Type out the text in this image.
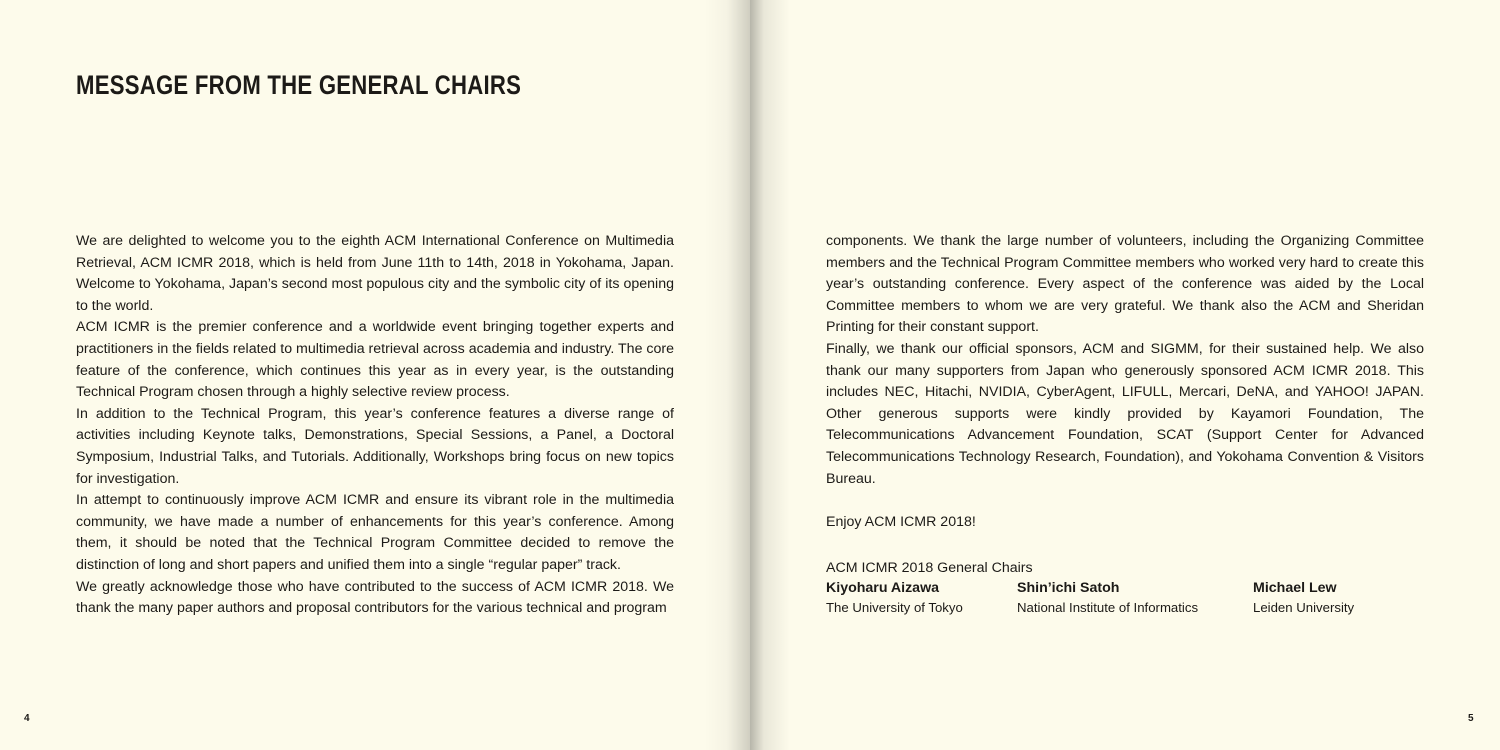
MESSAGE FROM THE GENERAL CHAIRS

We are delighted to welcome you to the eighth ACM International Conference on Multimedia Retrieval, ACM ICMR 2018, which is held from June 11th to 14th, 2018 in Yokohama, Japan. Welcome to Yokohama, Japan’s second most populous city and the symbolic city of its opening to the world.

ACM ICMR is the premier conference and a worldwide event bringing together experts and practitioners in the fields related to multimedia retrieval across academia and industry. The core feature of the conference, which continues this year as in every year, is the outstanding Technical Program chosen through a highly selective review process.

In addition to the Technical Program, this year’s conference features a diverse range of activities including Keynote talks, Demonstrations, Special Sessions, a Panel, a Doctoral Symposium, Industrial Talks, and Tutorials. Additionally, Workshops bring focus on new topics for investigation.

In attempt to continuously improve ACM ICMR and ensure its vibrant role in the multimedia community, we have made a number of enhancements for this year’s conference. Among them, it should be noted that the Technical Program Committee decided to remove the distinction of long and short papers and unified them into a single “regular paper” track.

We greatly acknowledge those who have contributed to the success of ACM ICMR 2018. We thank the many paper authors and proposal contributors for the various technical and program

4

components. We thank the large number of volunteers, including the Organizing Committee members and the Technical Program Committee members who worked very hard to create this year’s outstanding conference. Every aspect of the conference was aided by the Local Committee members to whom we are very grateful. We thank also the ACM and Sheridan Printing for their constant support.

Finally, we thank our official sponsors, ACM and SIGMM, for their sustained help. We also thank our many supporters from Japan who generously sponsored ACM ICMR 2018. This includes NEC, Hitachi, NVIDIA, CyberAgent, LIFULL, Mercari, DeNA, and YAHOO! JAPAN. Other generous supports were kindly provided by Kayamori Foundation, The Telecommunications Advancement Foundation, SCAT (Support Center for Advanced Telecommunications Technology Research, Foundation), and Yokohama Convention & Visitors Bureau.

Enjoy ACM ICMR 2018!

ACM ICMR 2018 General Chairs

Kiyoharu Aizawa
The University of Tokyo
Shin’ichi Satoh
National Institute of Informatics
Michael Lew
Leiden University
5
